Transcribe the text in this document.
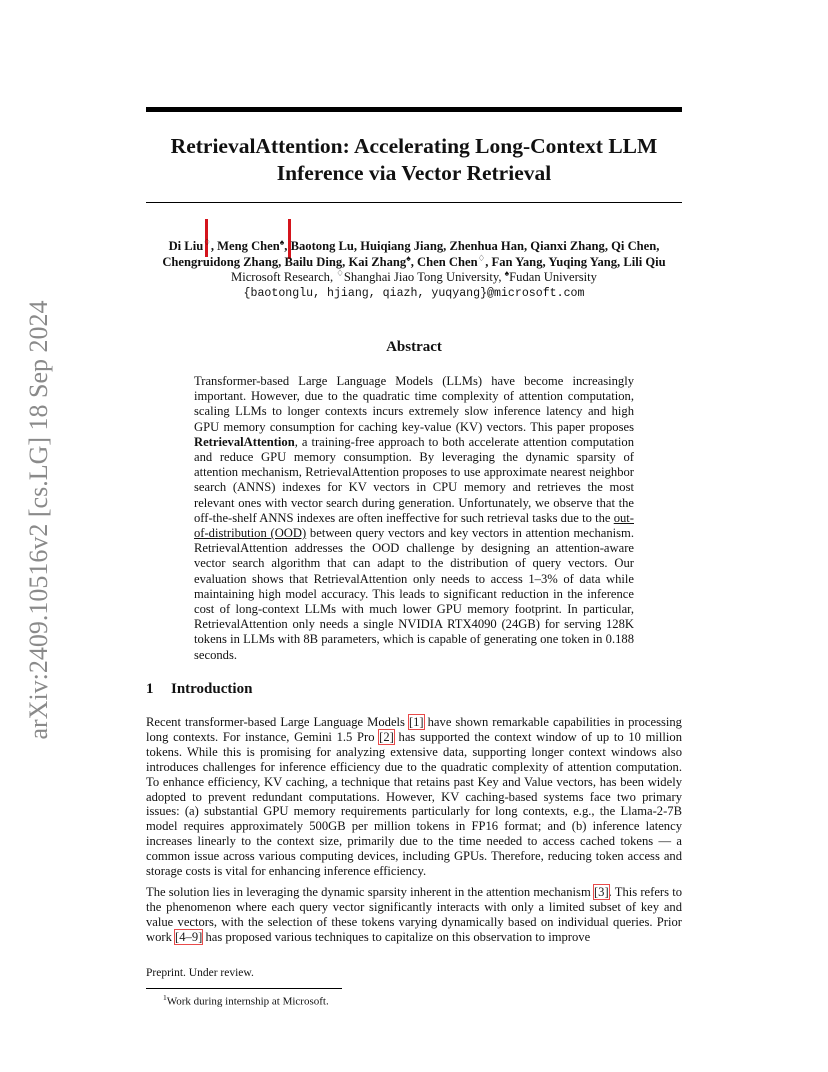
arXiv:2409.10516v2 [cs.LG] 18 Sep 2024
RetrievalAttention: Accelerating Long-Context LLM
Inference via Vector Retrieval
Di Liu♢, Meng Chen♠, Baotong Lu, Huiqiang Jiang, Zhenhua Han, Qianxi Zhang, Qi Chen,
Chengruidong Zhang, Bailu Ding, Kai Zhang♠, Chen Chen♢, Fan Yang, Yuqing Yang, Lili Qiu
Microsoft Research, ♢Shanghai Jiao Tong University, ♠Fudan University
{baotonglu, hjiang, qiazh, yuqyang}@microsoft.com
Abstract
Transformer-based Large Language Models (LLMs) have become increasingly important. However, due to the quadratic time complexity of attention computation, scaling LLMs to longer contexts incurs extremely slow inference latency and high GPU memory consumption for caching key-value (KV) vectors. This paper proposes RetrievalAttention, a training-free approach to both accelerate attention computation and reduce GPU memory consumption. By leveraging the dynamic sparsity of attention mechanism, RetrievalAttention proposes to use approximate nearest neighbor search (ANNS) indexes for KV vectors in CPU memory and retrieves the most relevant ones with vector search during generation. Unfortunately, we observe that the off-the-shelf ANNS indexes are often ineffective for such retrieval tasks due to the out-of-distribution (OOD) between query vectors and key vectors in attention mechanism. RetrievalAttention addresses the OOD challenge by designing an attention-aware vector search algorithm that can adapt to the distribution of query vectors. Our evaluation shows that RetrievalAttention only needs to access 1–3% of data while maintaining high model accuracy. This leads to significant reduction in the inference cost of long-context LLMs with much lower GPU memory footprint. In particular, RetrievalAttention only needs a single NVIDIA RTX4090 (24GB) for serving 128K tokens in LLMs with 8B parameters, which is capable of generating one token in 0.188 seconds.
1 Introduction
Recent transformer-based Large Language Models [1] have shown remarkable capabilities in processing long contexts. For instance, Gemini 1.5 Pro [2] has supported the context window of up to 10 million tokens. While this is promising for analyzing extensive data, supporting longer context windows also introduces challenges for inference efficiency due to the quadratic complexity of attention computation. To enhance efficiency, KV caching, a technique that retains past Key and Value vectors, has been widely adopted to prevent redundant computations. However, KV caching-based systems face two primary issues: (a) substantial GPU memory requirements particularly for long contexts, e.g., the Llama-2-7B model requires approximately 500GB per million tokens in FP16 format; and (b) inference latency increases linearly to the context size, primarily due to the time needed to access cached tokens — a common issue across various computing devices, including GPUs. Therefore, reducing token access and storage costs is vital for enhancing inference efficiency.
The solution lies in leveraging the dynamic sparsity inherent in the attention mechanism [3]. This refers to the phenomenon where each query vector significantly interacts with only a limited subset of key and value vectors, with the selection of these tokens varying dynamically based on individual queries. Prior work [4–9] has proposed various techniques to capitalize on this observation to improve
Preprint. Under review.
$^1$Work during internship at Microsoft.
